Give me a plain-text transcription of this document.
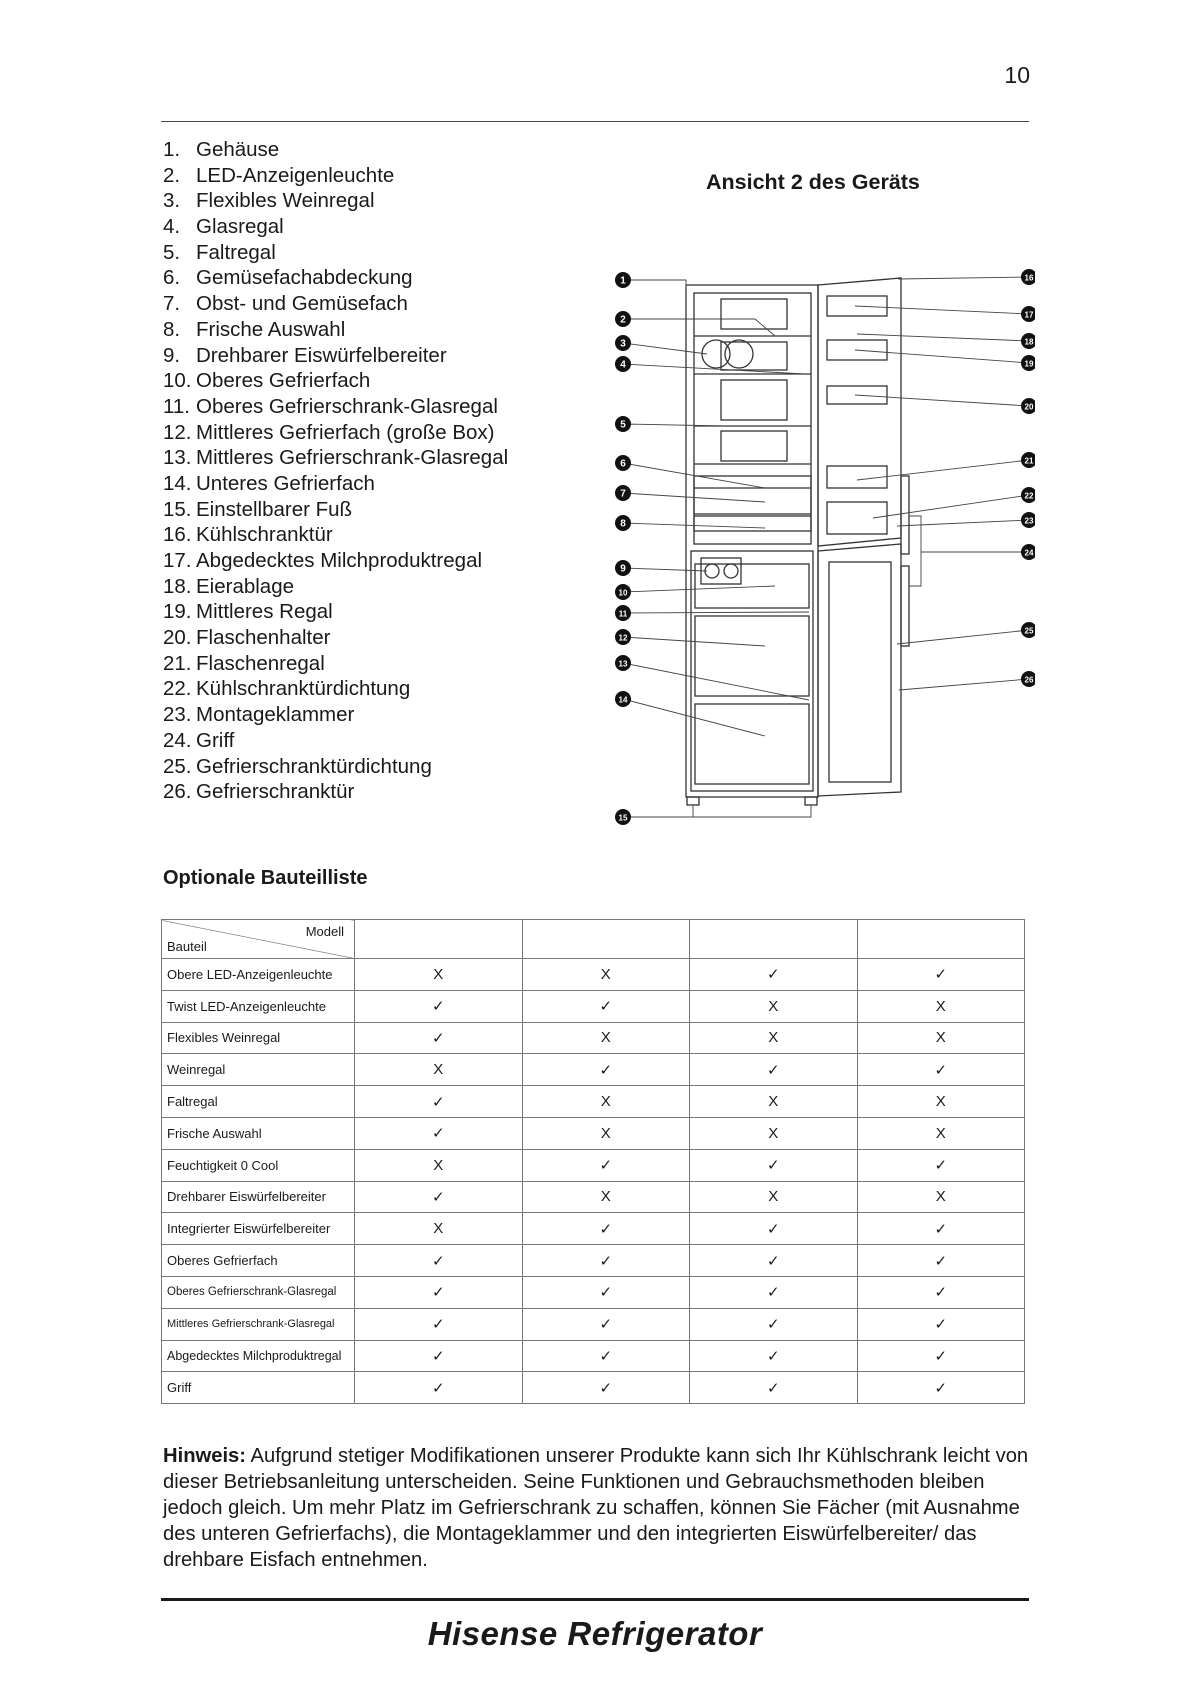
10
1. Gehäuse
2. LED-Anzeigenleuchte
3. Flexibles Weinregal
4. Glasregal
5. Faltregal
6. Gemüsefachabdeckung
7. Obst- und Gemüsefach
8. Frische Auswahl
9. Drehbarer Eiswürfelbereiter
10. Oberes Gefrierfach
11. Oberes Gefrierschrank-Glasregal
12. Mittleres Gefrierfach (große Box)
13. Mittleres Gefrierschrank-Glasregal
14. Unteres Gefrierfach
15. Einstellbarer Fuß
16. Kühlschranktür
17. Abgedecktes Milchproduktregal
18. Eierablage
19. Mittleres Regal
20. Flaschenhalter
21. Flaschenregal
22. Kühlschranktürdichtung
23. Montageklammer
24. Griff
25. Gefrierschranktürdichtung
26. Gefrierschranktür
Ansicht 2 des Geräts
1
2
3
4
5
6
7
8
9
10
11
12
13
14
15
16
17
18
19
20
21
22
23
24
25
26
Optionale Bauteilliste
Modell
Bauteil				

Obere LED-Anzeigenleuchte	X	X	✓	✓
Twist LED-Anzeigenleuchte	✓	✓	X	X
Flexibles Weinregal	✓	X	X	X
Weinregal	X	✓	✓	✓
Faltregal	✓	X	X	X
Frische Auswahl	✓	X	X	X
Feuchtigkeit 0 Cool	X	✓	✓	✓
Drehbarer Eiswürfelbereiter	✓	X	X	X
Integrierter Eiswürfelbereiter	X	✓	✓	✓
Oberes Gefrierfach	✓	✓	✓	✓
Oberes Gefrierschrank-Glasregal	✓	✓	✓	✓
Mittleres Gefrierschrank-Glasregal	✓	✓	✓	✓
Abgedecktes Milchproduktregal	✓	✓	✓	✓
Griff	✓	✓	✓	✓
Hinweis: Aufgrund stetiger Modifikationen unserer Produkte kann sich Ihr Kühlschrank leicht von dieser Betriebsanleitung unterscheiden. Seine Funktionen und Gebrauchsmethoden bleiben jedoch gleich. Um mehr Platz im Gefrierschrank zu schaffen, können Sie Fächer (mit Ausnahme des unteren Gefrierfachs), die Montageklammer und den integrierten Eiswürfelbereiter/ das drehbare Eisfach entnehmen.
Hisense Refrigerator
